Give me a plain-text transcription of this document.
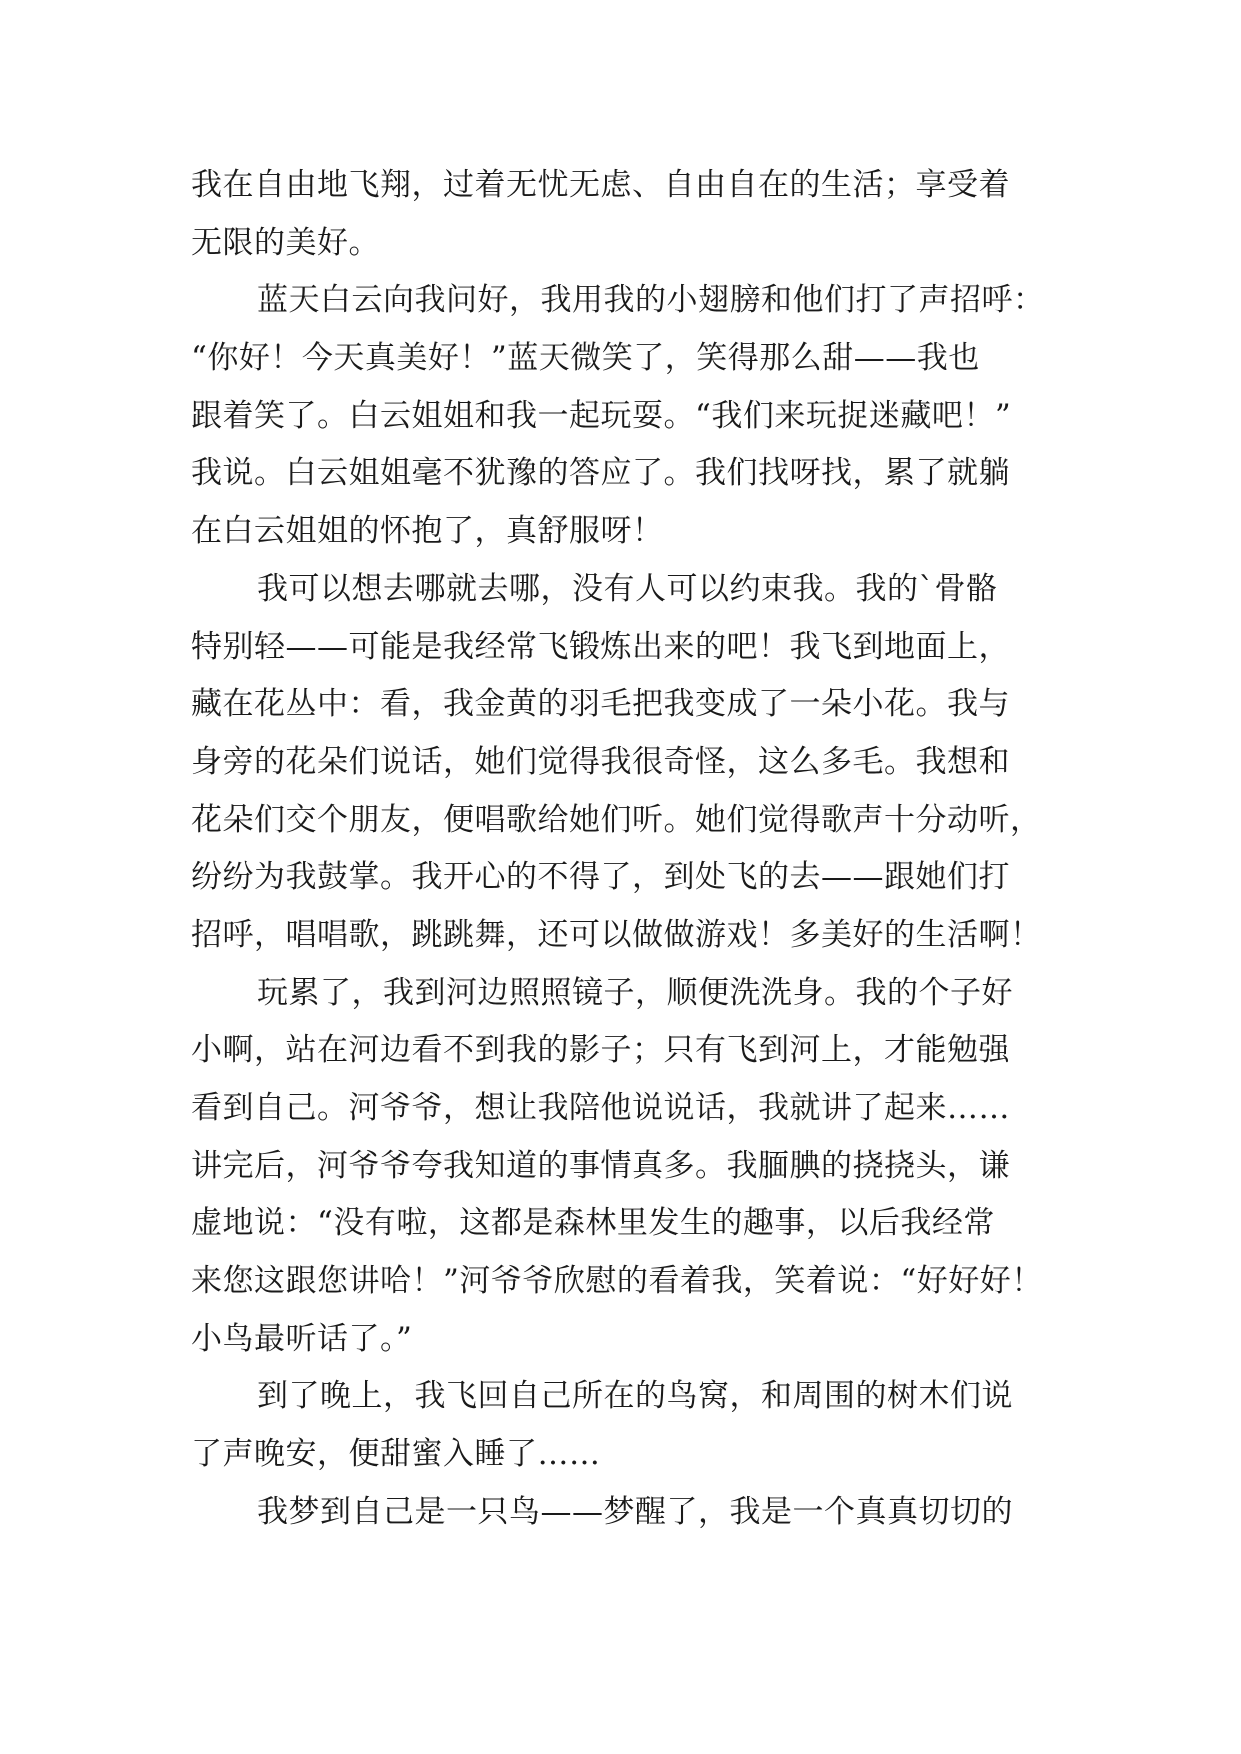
我在自由地飞翔，过着无忧无虑、自由自在的生活；享受着
无限的美好。
蓝天白云向我问好，我用我的小翅膀和他们打了声招呼：
“你好！今天真美好！”蓝天微笑了，笑得那么甜——我也
跟着笑了。白云姐姐和我一起玩耍。“我们来玩捉迷藏吧！”
我说。白云姐姐毫不犹豫的答应了。我们找呀找，累了就躺
在白云姐姐的怀抱了，真舒服呀！
我可以想去哪就去哪，没有人可以约束我。我的`骨骼
特别轻——可能是我经常飞锻炼出来的吧！我飞到地面上，
藏在花丛中：看，我金黄的羽毛把我变成了一朵小花。我与
身旁的花朵们说话，她们觉得我很奇怪，这么多毛。我想和
花朵们交个朋友，便唱歌给她们听。她们觉得歌声十分动听，
纷纷为我鼓掌。我开心的不得了，到处飞的去——跟她们打
招呼，唱唱歌，跳跳舞，还可以做做游戏！多美好的生活啊！
玩累了，我到河边照照镜子，顺便洗洗身。我的个子好
小啊，站在河边看不到我的影子；只有飞到河上，才能勉强
看到自己。河爷爷，想让我陪他说说话，我就讲了起来……
讲完后，河爷爷夸我知道的事情真多。我腼腆的挠挠头，谦
虚地说：“没有啦，这都是森林里发生的趣事，以后我经常
来您这跟您讲哈！”河爷爷欣慰的看着我，笑着说：“好好好！
小鸟最听话了。”
到了晚上，我飞回自己所在的鸟窝，和周围的树木们说
了声晚安，便甜蜜入睡了……
我梦到自己是一只鸟——梦醒了，我是一个真真切切的
